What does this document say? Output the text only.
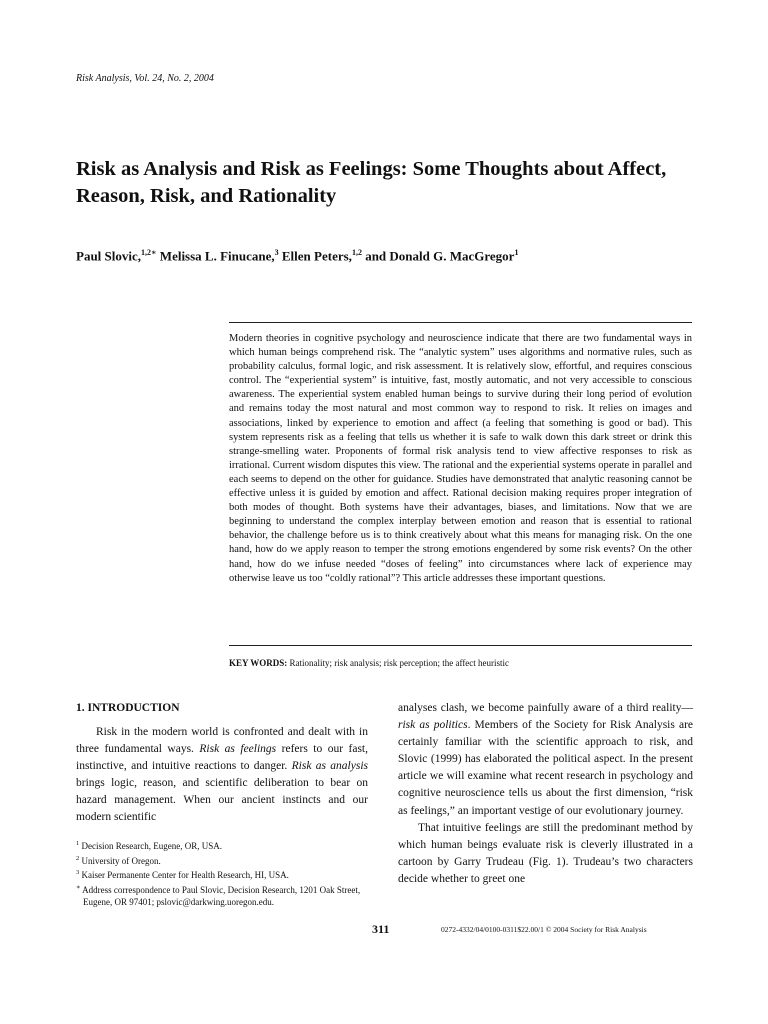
Risk Analysis, Vol. 24, No. 2, 2004
Risk as Analysis and Risk as Feelings: Some Thoughts about Affect, Reason, Risk, and Rationality
Paul Slovic,$^{1,2∗}$ Melissa L. Finucane,$^3$ Ellen Peters,$^{1,2}$ and Donald G. MacGregor$^1$

Modern theories in cognitive psychology and neuroscience indicate that there are two fundamental ways in which human beings comprehend risk. The “analytic system” uses algorithms and normative rules, such as probability calculus, formal logic, and risk assessment. It is relatively slow, effortful, and requires conscious control. The “experiential system” is intuitive, fast, mostly automatic, and not very accessible to conscious awareness. The experiential system enabled human beings to survive during their long period of evolution and remains today the most natural and most common way to respond to risk. It relies on images and associations, linked by experience to emotion and affect (a feeling that something is good or bad). This system represents risk as a feeling that tells us whether it is safe to walk down this dark street or drink this strange-smelling water. Proponents of formal risk analysis tend to view affective responses to risk as irrational. Current wisdom disputes this view. The rational and the experiential systems operate in parallel and each seems to depend on the other for guidance. Studies have demonstrated that analytic reasoning cannot be effective unless it is guided by emotion and affect. Rational decision making requires proper integration of both modes of thought. Both systems have their advantages, biases, and limitations. Now that we are beginning to understand the complex interplay between emotion and reason that is essential to rational behavior, the challenge before us is to think creatively about what this means for managing risk. On the one hand, how do we apply reason to temper the strong emotions engendered by some risk events? On the other hand, how do we infuse needed “doses of feeling” into circumstances where lack of experience may otherwise leave us too “coldly rational”? This article addresses these important questions.

KEY WORDS: Rationality; risk analysis; risk perception; the affect heuristic

1. INTRODUCTION

Risk in the modern world is confronted and dealt with in three fundamental ways. Risk as feelings refers to our fast, instinctive, and intuitive reactions to danger. Risk as analysis brings logic, reason, and scientific deliberation to bear on hazard management. When our ancient instincts and our modern scientific

$^1$ Decision Research, Eugene, OR, USA.
$^2$ University of Oregon.
$^3$ Kaiser Permanente Center for Health Research, HI, USA.
∗ Address correspondence to Paul Slovic, Decision Research, 1201 Oak Street, Eugene, OR 97401; pslovic@darkwing.uoregon.edu.

analyses clash, we become painfully aware of a third reality—risk as politics. Members of the Society for Risk Analysis are certainly familiar with the scientific approach to risk, and Slovic (1999) has elaborated the political aspect. In the present article we will examine what recent research in psychology and cognitive neuroscience tells us about the first dimension, “risk as feelings,” an important vestige of our evolutionary journey.

That intuitive feelings are still the predominant method by which human beings evaluate risk is cleverly illustrated in a cartoon by Garry Trudeau (Fig. 1). Trudeau’s two characters decide whether to greet one

311	0272-4332/04/0100-0311$22.00/1 © 2004 Society for Risk Analysis
